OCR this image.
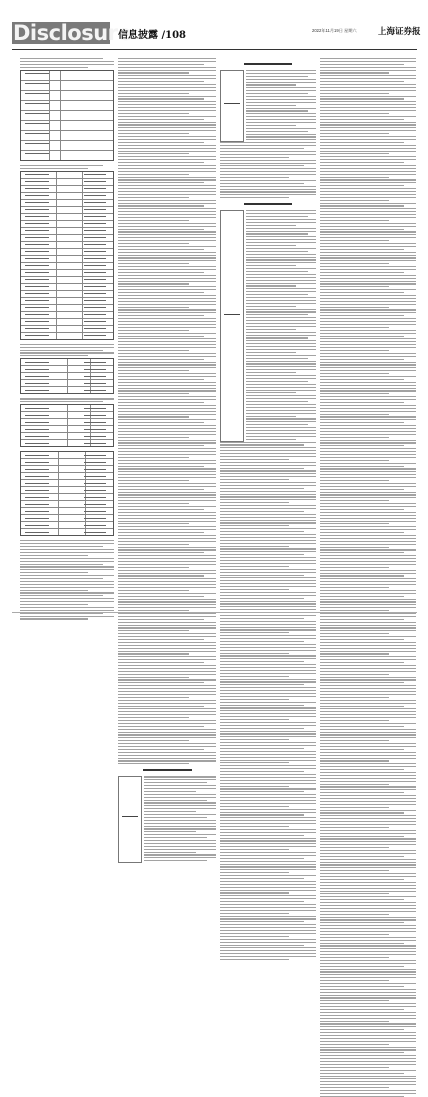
Disclosure
信息披露 /108	2022年11月19日 星期六	上海证券报
